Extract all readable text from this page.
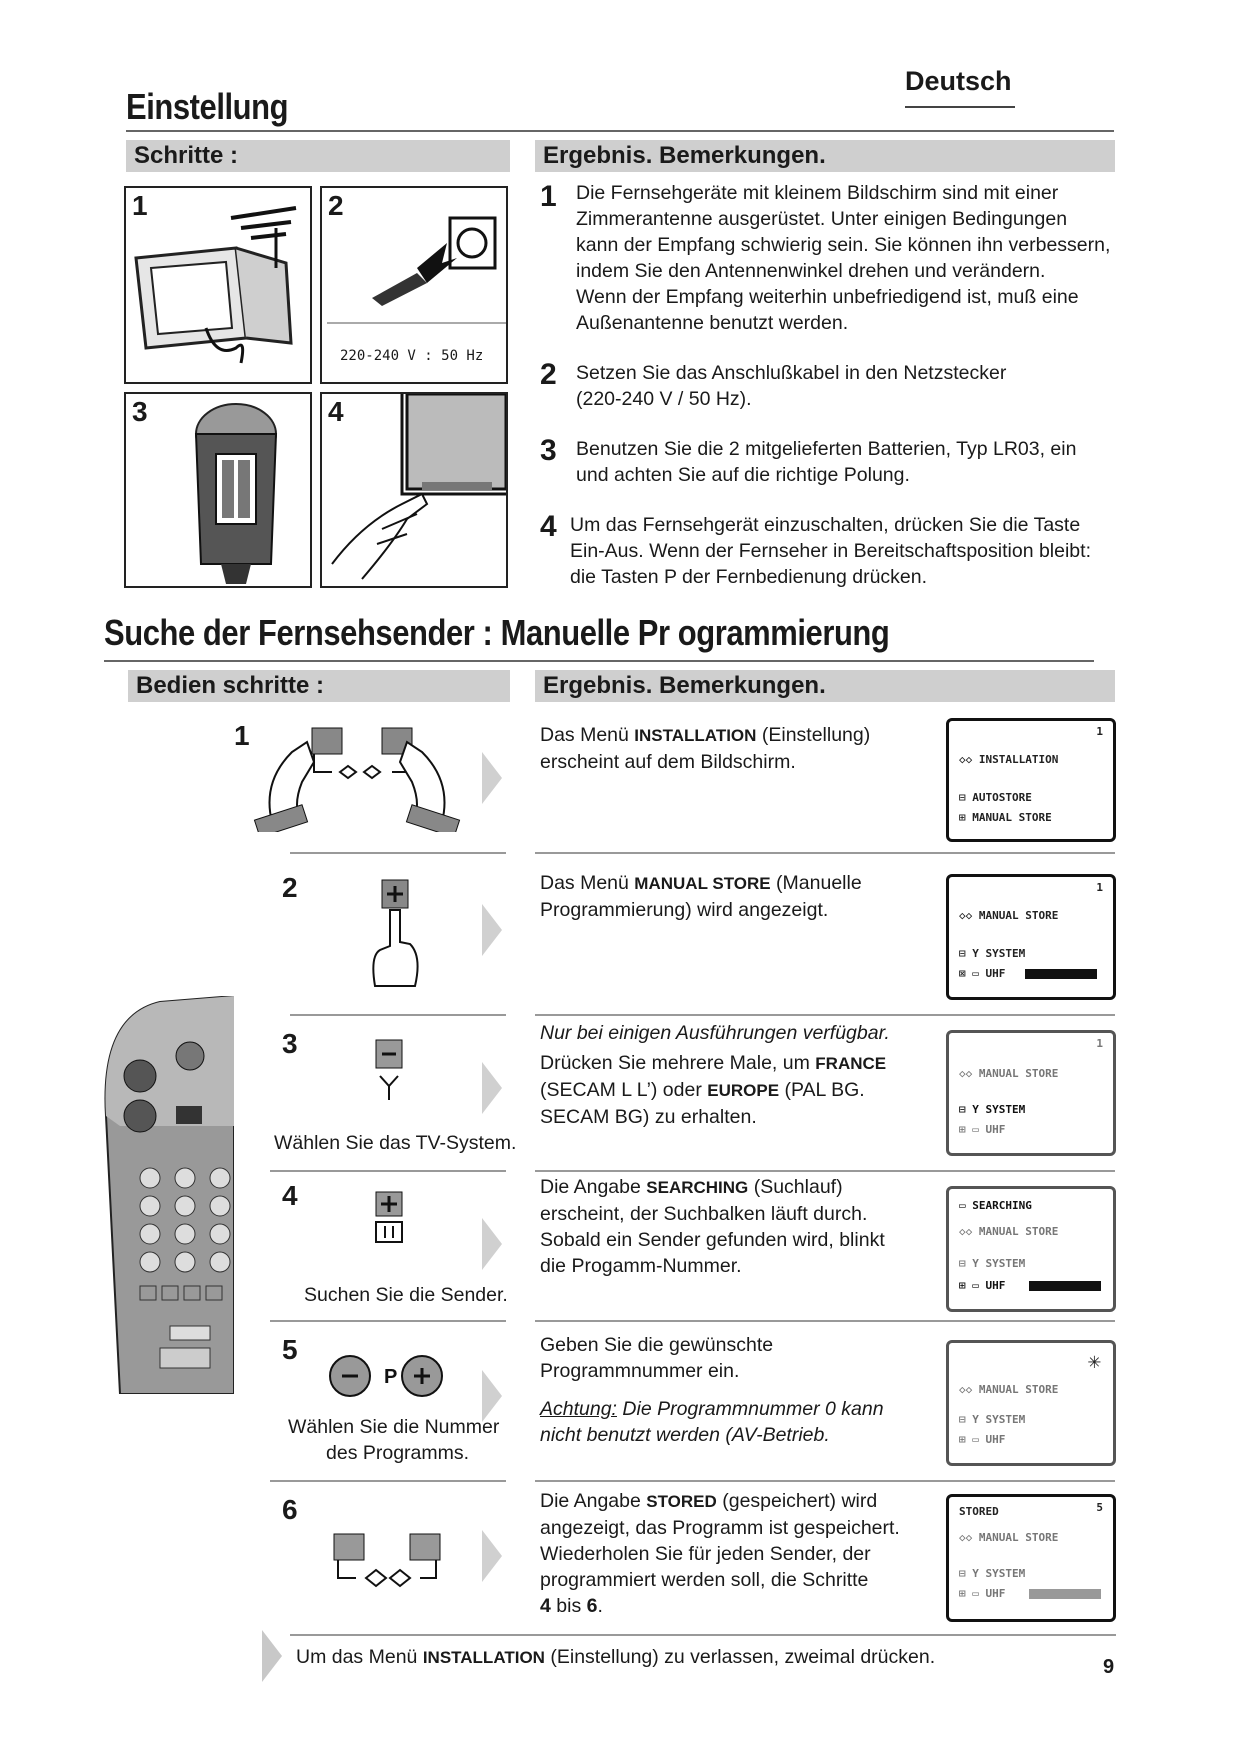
Deutsch
Einstellung
Schritte :	Ergebnis. Bemerkungen.
1	2
220-240 V : 50 Hz
3	4
1 Die Fernsehgeräte mit kleinem Bildschirm sind mit einer
Zimmerantenne ausgerüstet. Unter einigen Bedingungen
kann der Empfang schwierig sein. Sie können ihn verbessern,
indem Sie den Antennenwinkel drehen und verändern.
Wenn der Empfang weiterhin unbefriedigend ist, muß eine
Außenantenne benutzt werden.
2 Setzen Sie das Anschlußkabel in den Netzstecker
(220-240 V / 50 Hz).
3 Benutzen Sie die 2 mitgelieferten Batterien, Typ LR03, ein
und achten Sie auf die richtige Polung.
4 Um das Fernsehgerät einzuschalten, drücken Sie die Taste
Ein-Aus. Wenn der Fernseher in Bereitschaftsposition bleibt:
die Tasten P der Fernbedienung drücken.
Suche der Fernsehsender : Manuelle Pr ogrammierung
Bedien schritte :	Ergebnis. Bemerkungen.
1	Das Menü INSTALLATION (Einstellung)
erscheint auf dem Bildschirm.
1
◇◇ INSTALLATION
⊟ AUTOSTORE
⊞ MANUAL STORE
2	Das Menü MANUAL STORE (Manuelle
Programmierung) wird angezeigt.
1
◇◇ MANUAL STORE
⊟ Y SYSTEM
⊠ ▭ UHF
3
Wählen Sie das TV-System.
Nur bei einigen Ausführungen verfügbar.
Drücken Sie mehrere Male, um FRANCE
(SECAM L L’) oder EUROPE (PAL BG.
SECAM BG) zu erhalten.
1
◇◇ MANUAL STORE
⊟ Y SYSTEM
⊞ ▭ UHF
4
Suchen Sie die Sender.
Die Angabe SEARCHING (Suchlauf)
erscheint, der Suchbalken läuft durch.
Sobald ein Sender gefunden wird, blinkt
die Progamm-Nummer.
▭ SEARCHING
◇◇ MANUAL STORE
⊟ Y SYSTEM
⊞ ▭ UHF
5
P
Wählen Sie die Nummer
des Programms.
Geben Sie die gewünschte
Programmnummer ein.
Achtung: Die Programmnummer 0 kann
nicht benutzt werden (AV-Betrieb.
✳
◇◇ MANUAL STORE
⊟ Y SYSTEM
⊞ ▭ UHF
6	Die Angabe STORED (gespeichert) wird
angezeigt, das Programm ist gespeichert.
Wiederholen Sie für jeden Sender, der
programmiert werden soll, die Schritte
4 bis 6.
5
STORED
◇◇ MANUAL STORE
⊟ Y SYSTEM
⊞ ▭ UHF
Um das Menü INSTALLATION (Einstellung) zu verlassen, zweimal drücken.	9
